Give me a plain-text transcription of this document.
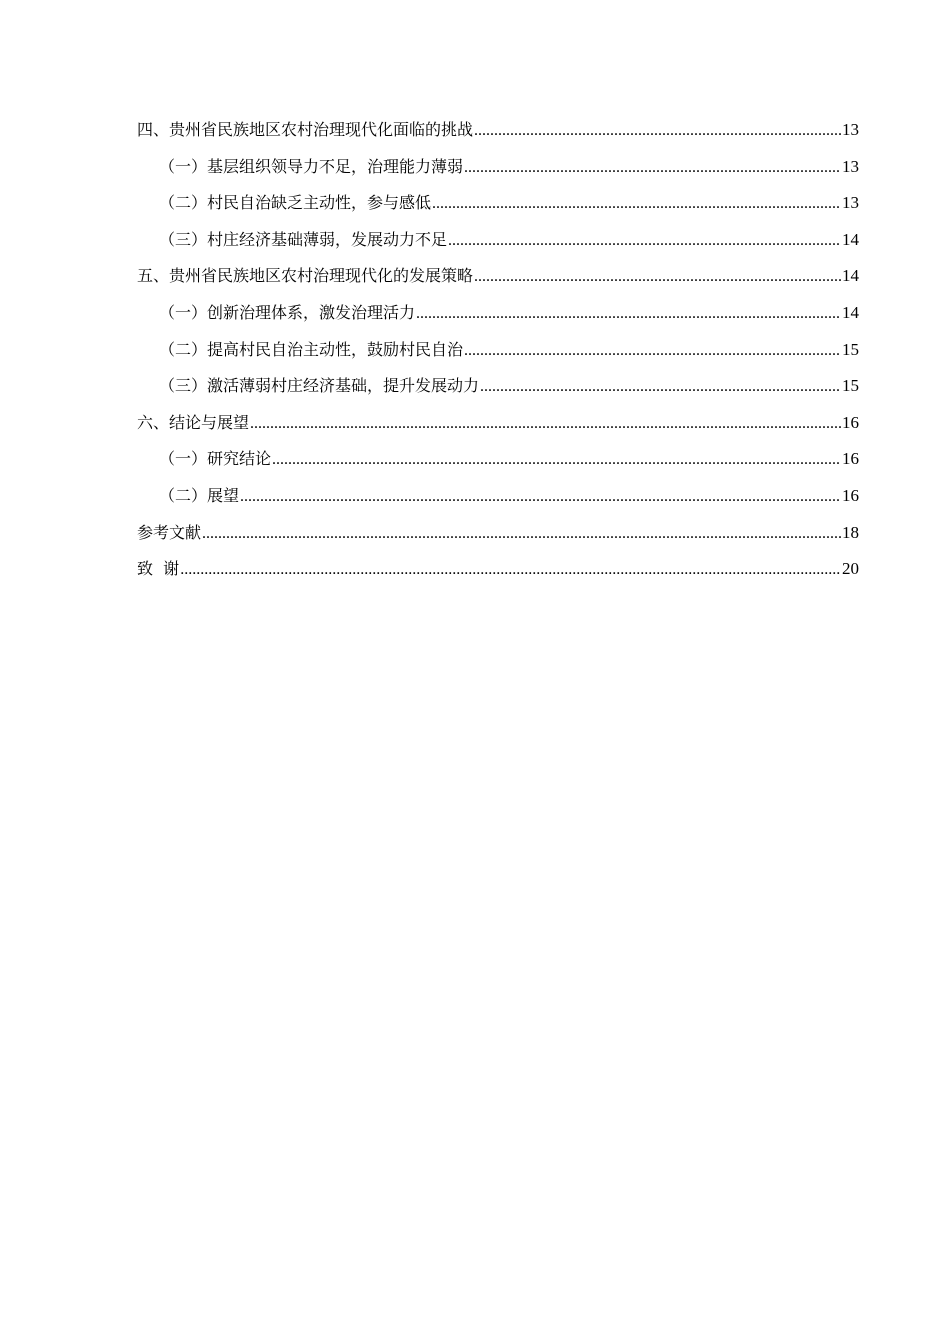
四、贵州省民族地区农村治理现代化面临的挑战 .....	13
（一）基层组织领导力不足，治理能力薄弱 .....	13
（二）村民自治缺乏主动性，参与感低 .....	13
（三）村庄经济基础薄弱，发展动力不足 .....	14
五、贵州省民族地区农村治理现代化的发展策略 .....	14
（一）创新治理体系，激发治理活力 .....	14
（二）提高村民自治主动性，鼓励村民自治 .....	15
（三）激活薄弱村庄经济基础，提升发展动力 .....	15
六、结论与展望 .....	16
（一）研究结论 .....	16
（二）展望 .....	16
参考文献 .....	18
致  谢 .....	20
